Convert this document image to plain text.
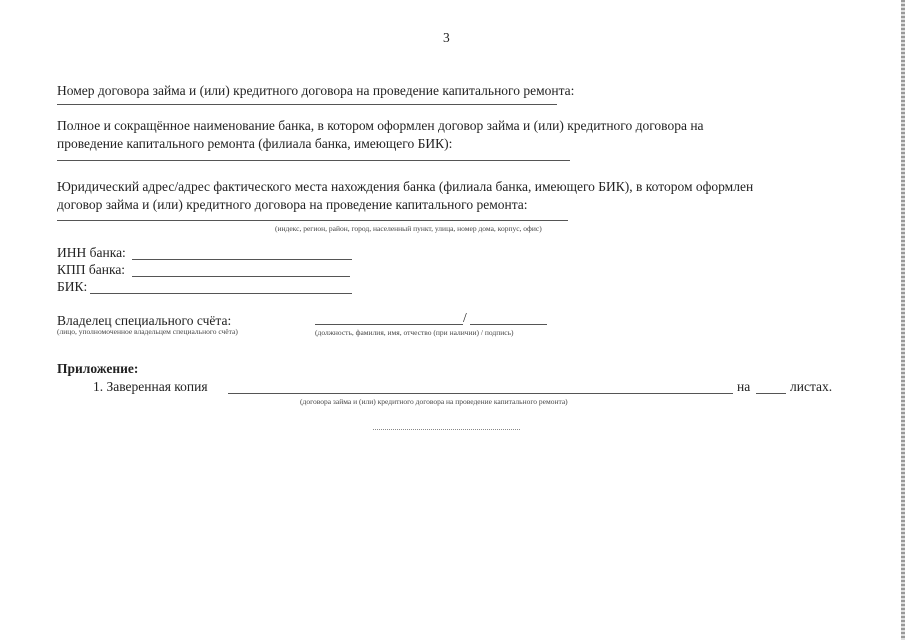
3
Номер договора займа и (или) кредитного договора на проведение капитального ремонта:
Полное и сокращённое наименование банка, в котором оформлен договор займа и (или) кредитного договора на
проведение капитального ремонта (филиала банка, имеющего БИК):
Юридический адрес/адрес фактического места нахождения банка (филиала банка, имеющего БИК), в котором оформлен
договор займа и (или) кредитного договора на проведение капитального ремонта:
(индекс, регион, район, город, населенный пункт, улица, номер дома, корпус, офис)
ИНН банка:
КПП банка:
БИК:
Владелец специального счёта:
(лицо, уполномоченное владельцем специального счёта)
/
(должность, фамилия, имя, отчество (при наличии) / подпись)
Приложение:
1. Заверенная копия	на	листах.
(договора займа и (или) кредитного договора на проведение капитального ремонта)
